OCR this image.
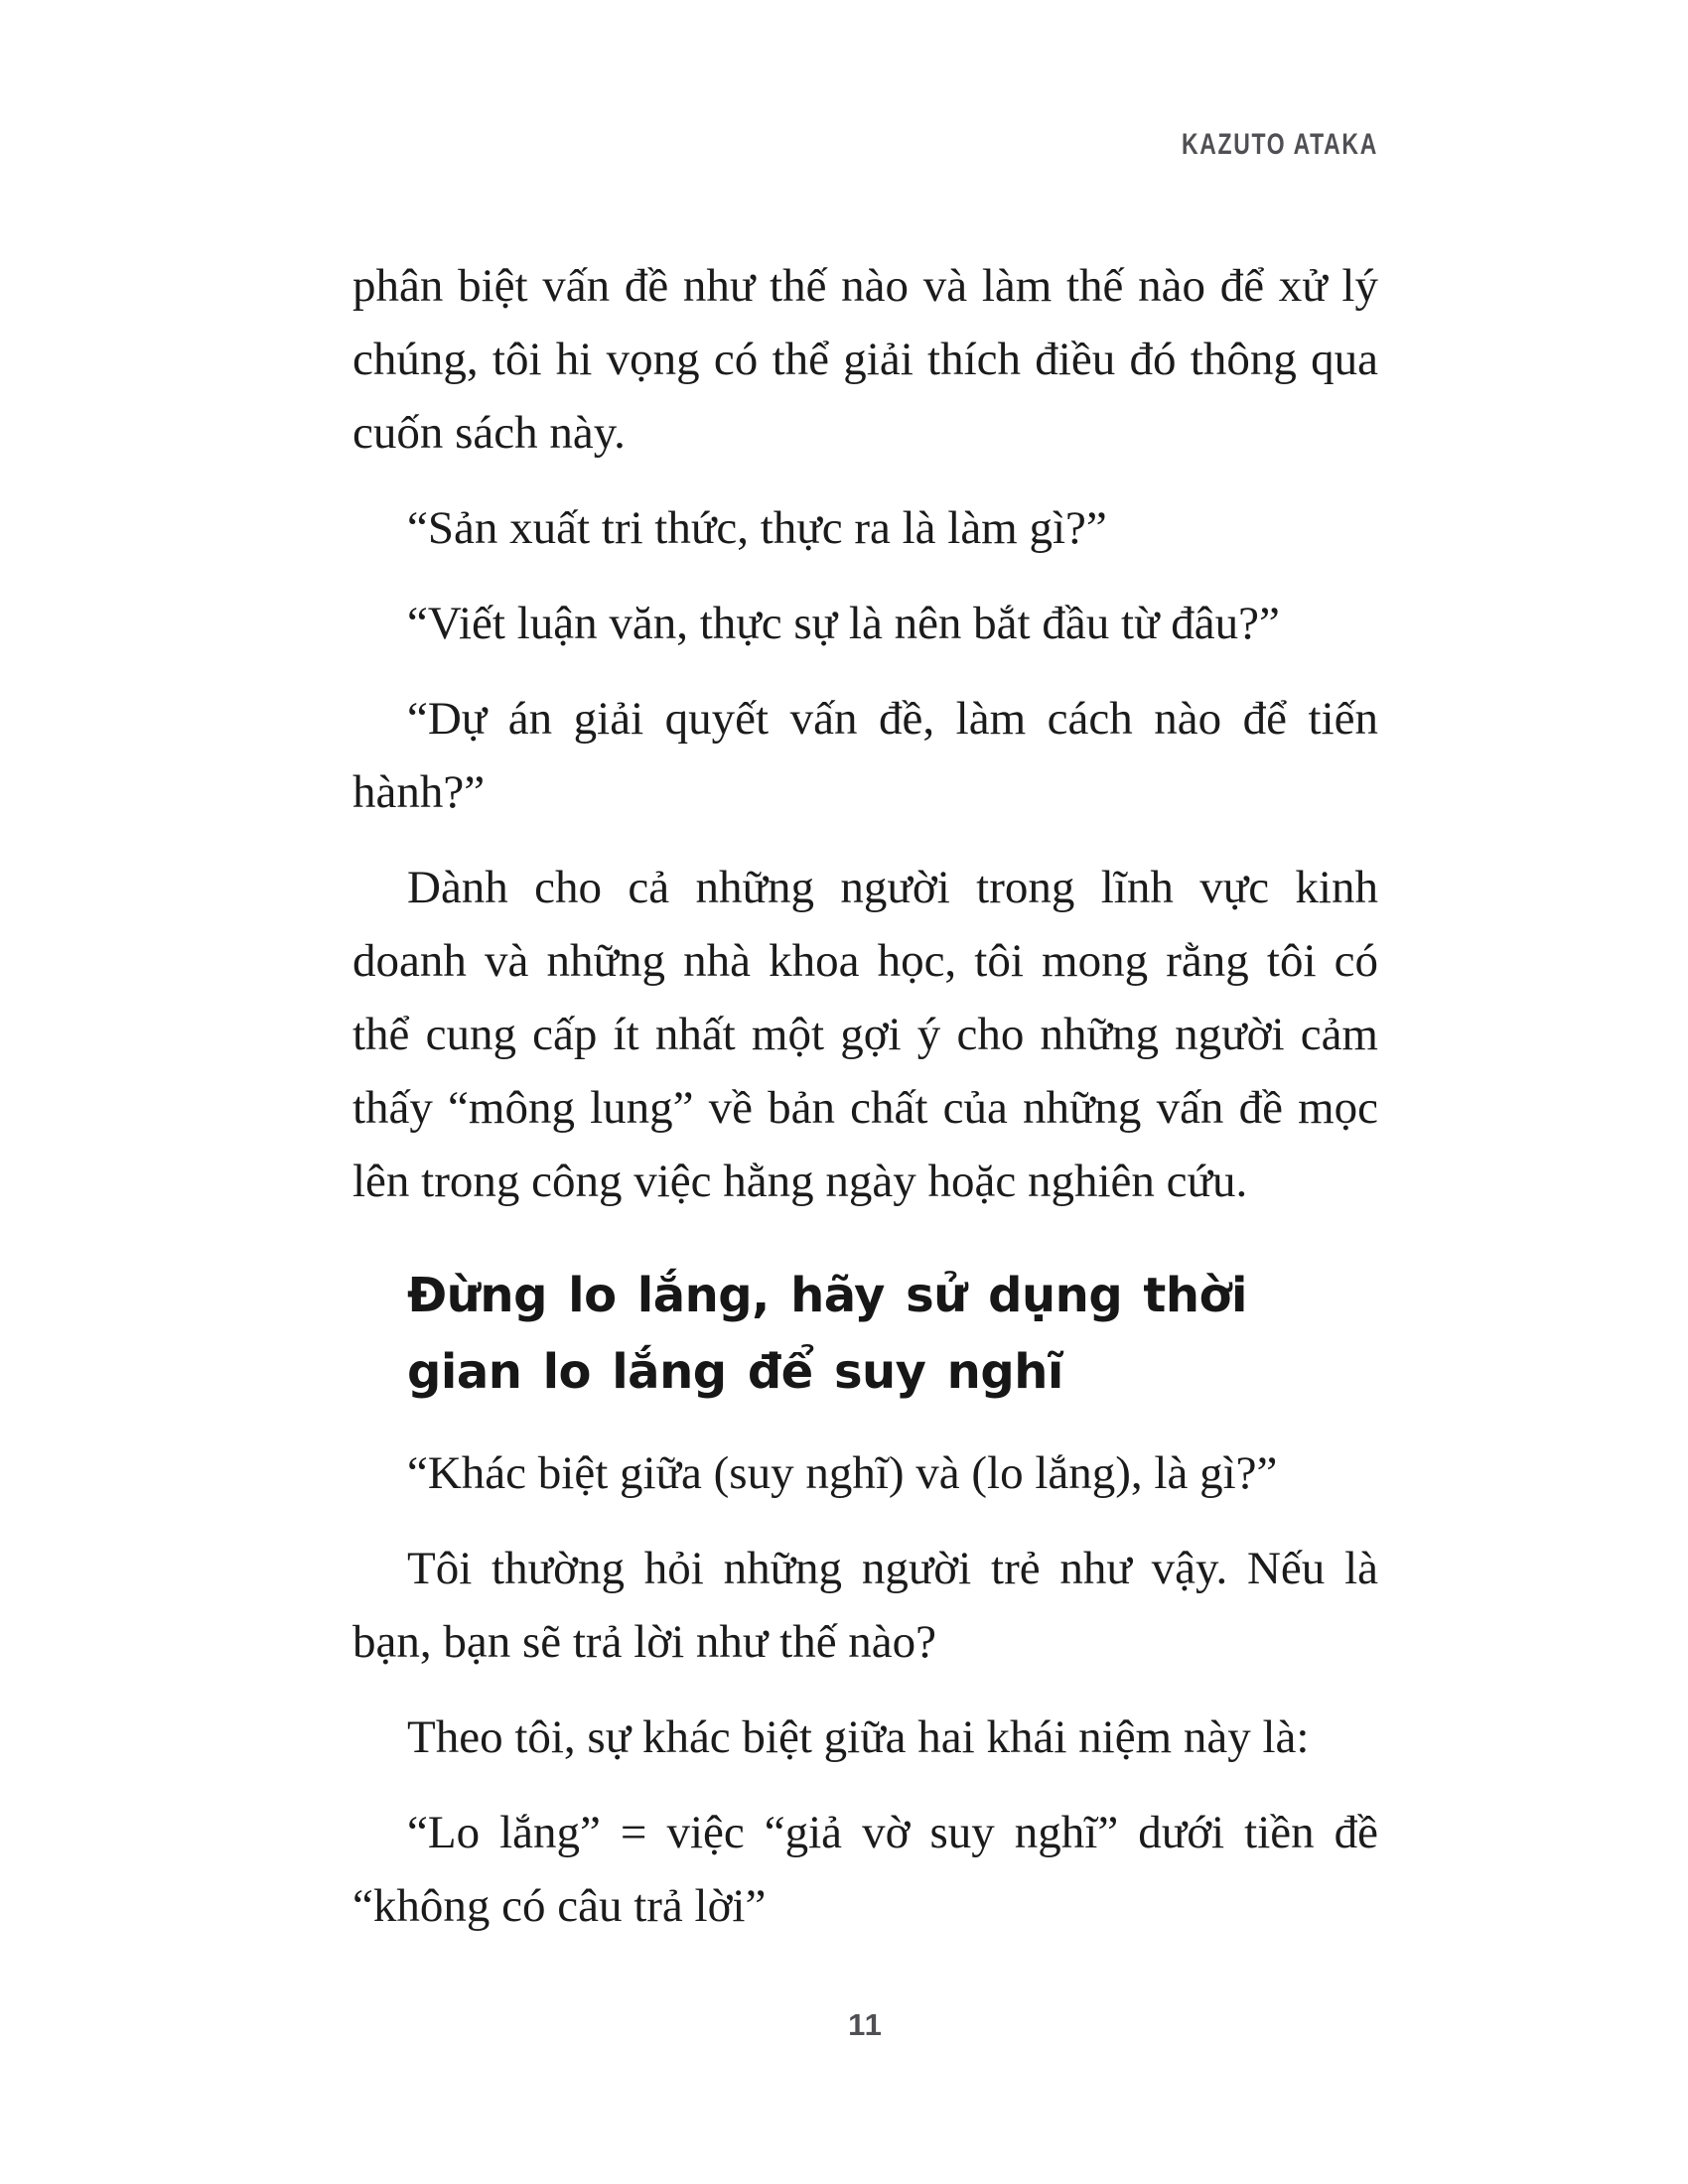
KAZUTO ATAKA

phân biệt vấn đề như thế nào và làm thế nào để xử lý chúng, tôi hi vọng có thể giải thích điều đó thông qua cuốn sách này.

“Sản xuất tri thức, thực ra là làm gì?”

“Viết luận văn, thực sự là nên bắt đầu từ đâu?”

“Dự án giải quyết vấn đề, làm cách nào để tiến hành?”

Dành cho cả những người trong lĩnh vực kinh doanh và những nhà khoa học, tôi mong rằng tôi có thể cung cấp ít nhất một gợi ý cho những người cảm thấy “mông lung” về bản chất của những vấn đề mọc lên trong công việc hằng ngày hoặc nghiên cứu.

Đừng lo lắng, hãy sử dụng thời gian lo lắng để suy nghĩ

“Khác biệt giữa (suy nghĩ) và (lo lắng), là gì?”

Tôi thường hỏi những người trẻ như vậy. Nếu là bạn, bạn sẽ trả lời như thế nào?

Theo tôi, sự khác biệt giữa hai khái niệm này là:

“Lo lắng” = việc “giả vờ suy nghĩ” dưới tiền đề “không có câu trả lời”

11
